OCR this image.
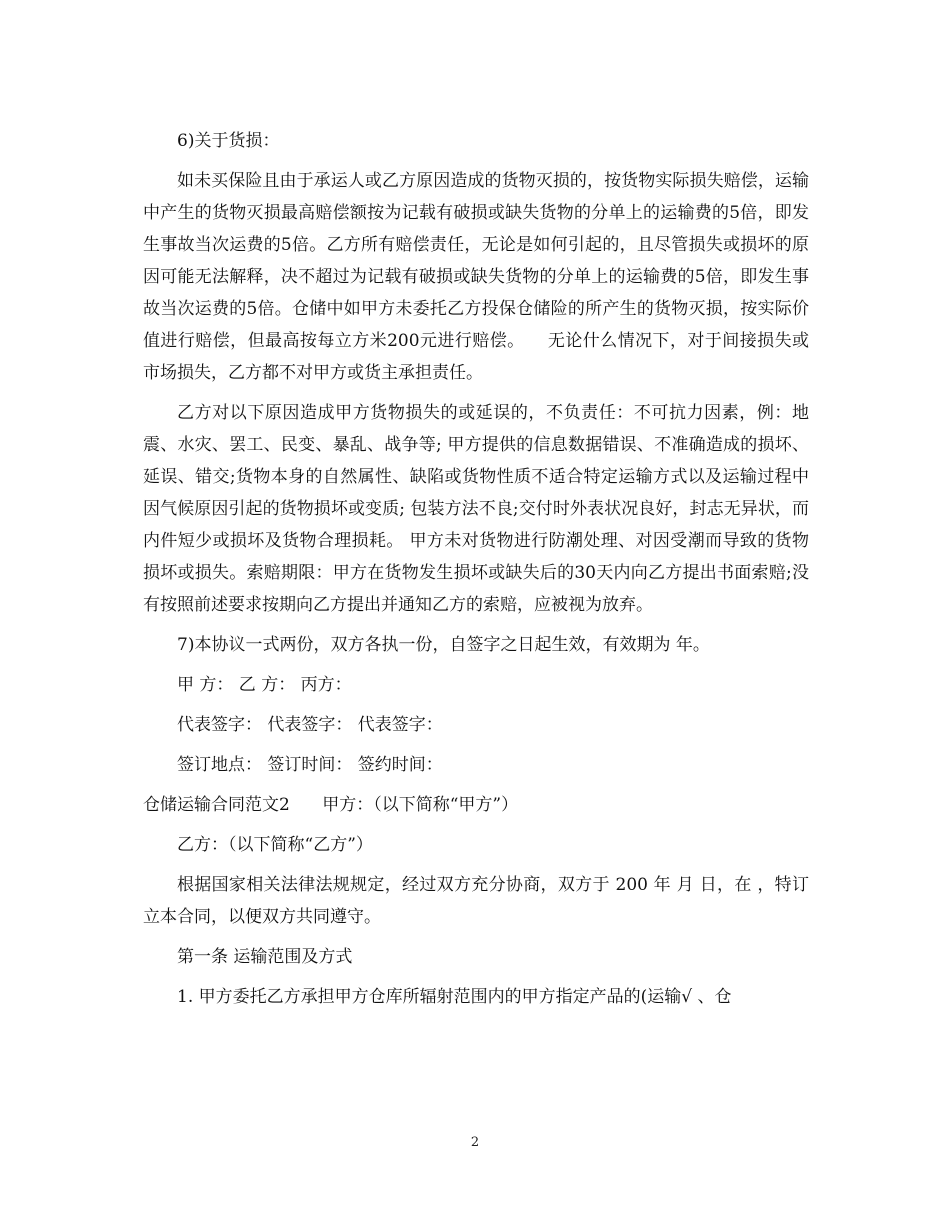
6)关于货损：

如未买保险且由于承运人或乙方原因造成的货物灭损的，按货物实际损失赔偿，运输中产生的货物灭损最高赔偿额按为记载有破损或缺失货物的分单上的运输费的5倍，即发生事故当次运费的5倍。乙方所有赔偿责任，无论是如何引起的，且尽管损失或损坏的原因可能无法解释，决不超过为记载有破损或缺失货物的分单上的运输费的5倍，即发生事故当次运费的5倍。仓储中如甲方未委托乙方投保仓储险的所产生的货物灭损，按实际价值进行赔偿，但最高按每立方米200元进行赔偿。    无论什么情况下，对于间接损失或市场损失，乙方都不对甲方或货主承担责任。

乙方对以下原因造成甲方货物损失的或延误的，不负责任：不可抗力因素，例：地震、水灾、罢工、民变、暴乱、战争等; 甲方提供的信息数据错误、不准确造成的损坏、延误、错交;货物本身的自然属性、缺陷或货物性质不适合特定运输方式以及运输过程中因气候原因引起的货物损坏或变质; 包装方法不良;交付时外表状况良好，封志无异状，而内件短少或损坏及货物合理损耗。 甲方未对货物进行防潮处理、对因受潮而导致的货物损坏或损失。索赔期限：甲方在货物发生损坏或缺失后的30天内向乙方提出书面索赔;没有按照前述要求按期向乙方提出并通知乙方的索赔，应被视为放弃。

7)本协议一式两份，双方各执一份，自签字之日起生效，有效期为 年。

甲 方： 乙 方： 丙方：

代表签字： 代表签字： 代表签字：

签订地点： 签订时间： 签约时间：

仓储运输合同范文2      甲方：（以下简称“甲方”）

乙方：（以下简称“乙方”）

根据国家相关法律法规规定，经过双方充分协商，双方于 200 年 月 日，在 ，特订立本合同，以便双方共同遵守。

第一条 运输范围及方式

1. 甲方委托乙方承担甲方仓库所辐射范围内的甲方指定产品的(运输√ 、仓

2
